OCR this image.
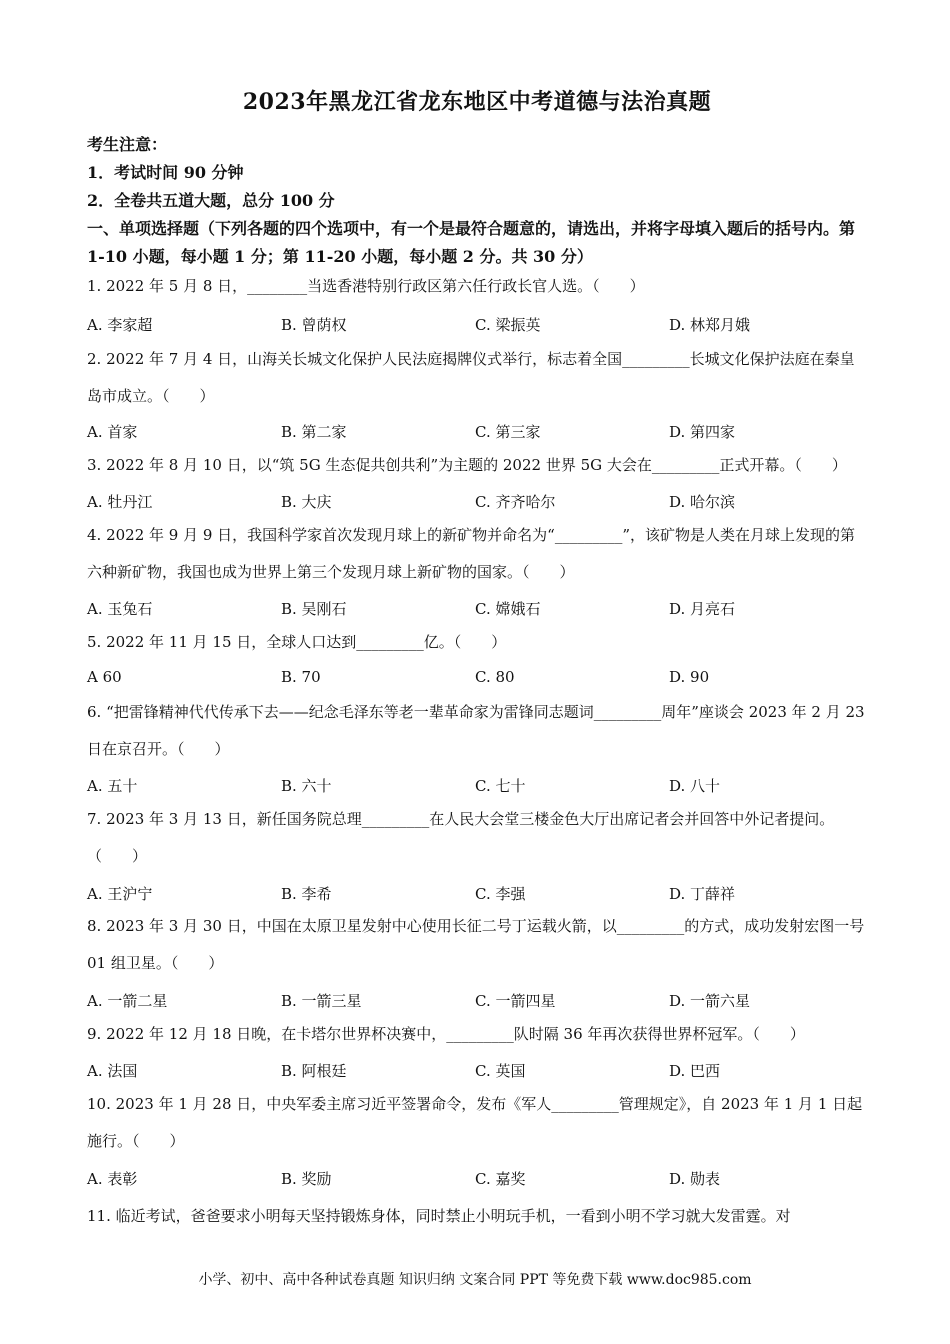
2023年黑龙江省龙东地区中考道德与法治真题
考生注意：
1．考试时间 90 分钟
2．全卷共五道大题，总分 100 分
一、单项选择题（下列各题的四个选项中，有一个是最符合题意的，请选出，并将字母填入题后的括号内。第 1-10 小题，每小题 1 分；第 11-20 小题，每小题 2 分。共 30 分）
1. 2022 年 5 月 8 日，________当选香港特别行政区第六任行政长官人选。（　　）
A. 李家超	B. 曾荫权	C. 梁振英	D. 林郑月娥
2. 2022 年 7 月 4 日，山海关长城文化保护人民法庭揭牌仪式举行，标志着全国_________长城文化保护法庭在秦皇岛市成立。（　　）
A. 首家	B. 第二家	C. 第三家	D. 第四家
3. 2022 年 8 月 10 日，以“筑 5G 生态促共创共利”为主题的 2022 世界 5G 大会在_________正式开幕。（　　）
A. 牡丹江	B. 大庆	C. 齐齐哈尔	D. 哈尔滨
4. 2022 年 9 月 9 日，我国科学家首次发现月球上的新矿物并命名为“_________”，该矿物是人类在月球上发现的第六种新矿物，我国也成为世界上第三个发现月球上新矿物的国家。（　　）
A. 玉兔石	B. 吴刚石	C. 嫦娥石	D. 月亮石
5. 2022 年 11 月 15 日，全球人口达到_________亿。（　　）
A 60	B. 70	C. 80	D. 90
6. “把雷锋精神代代传承下去——纪念毛泽东等老一辈革命家为雷锋同志题词_________周年”座谈会 2023 年 2 月 23 日在京召开。（　　）
A. 五十	B. 六十	C. 七十	D. 八十
7. 2023 年 3 月 13 日，新任国务院总理_________在人民大会堂三楼金色大厅出席记者会并回答中外记者提问。（　　）
A. 王沪宁	B. 李希	C. 李强	D. 丁薛祥
8. 2023 年 3 月 30 日，中国在太原卫星发射中心使用长征二号丁运载火箭，以_________的方式，成功发射宏图一号 01 组卫星。（　　）
A. 一箭二星	B. 一箭三星	C. 一箭四星	D. 一箭六星
9. 2022 年 12 月 18 日晚，在卡塔尔世界杯决赛中，_________队时隔 36 年再次获得世界杯冠军。（　　）
A. 法国	B. 阿根廷	C. 英国	D. 巴西
10. 2023 年 1 月 28 日，中央军委主席习近平签署命令，发布《军人_________管理规定》，自 2023 年 1 月 1 日起施行。（　　）
A. 表彰	B. 奖励	C. 嘉奖	D. 勋表
11. 临近考试，爸爸要求小明每天坚持锻炼身体，同时禁止小明玩手机，一看到小明不学习就大发雷霆。对
小学、初中、高中各种试卷真题 知识归纳 文案合同 PPT 等免费下载 www.doc985.com
